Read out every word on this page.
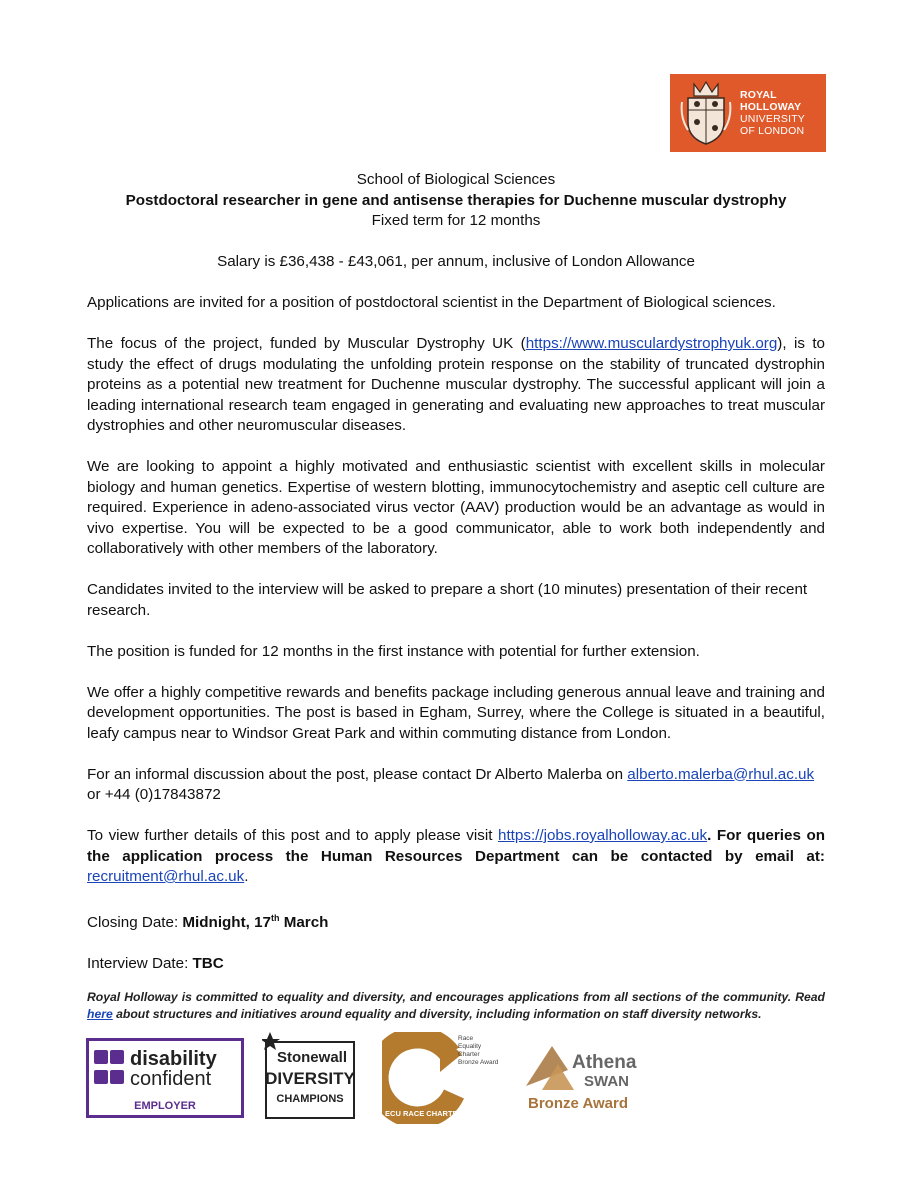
ROYAL
HOLLOWAY
UNIVERSITY
OF LONDON

School of Biological Sciences

Postdoctoral researcher in gene and antisense therapies for Duchenne muscular dystrophy

Fixed term for 12 months

Salary is £36,438 - £43,061, per annum, inclusive of London Allowance

Applications are invited for a position of postdoctoral scientist in the Department of Biological sciences.

The focus of the project, funded by Muscular Dystrophy UK (https://www.musculardystrophyuk.org), is to study the effect of drugs modulating the unfolding protein response on the stability of truncated dystrophin proteins as a potential new treatment for Duchenne muscular dystrophy. The successful applicant will join a leading international research team engaged in generating and evaluating new approaches to treat muscular dystrophies and other neuromuscular diseases.

We are looking to appoint a highly motivated and enthusiastic scientist with excellent skills in molecular biology and human genetics. Expertise of western blotting, immunocytochemistry and aseptic cell culture are required. Experience in adeno-associated virus vector (AAV) production would be an advantage as would in vivo expertise. You will be expected to be a good communicator, able to work both independently and collaboratively with other members of the laboratory.

Candidates invited to the interview will be asked to prepare a short (10 minutes) presentation of their recent research.

The position is funded for 12 months in the first instance with potential for further extension.

We offer a highly competitive rewards and benefits package including generous annual leave and training and development opportunities. The post is based in Egham, Surrey, where the College is situated in a beautiful, leafy campus near to Windsor Great Park and within commuting distance from London.

For an informal discussion about the post, please contact Dr Alberto Malerba on alberto.malerba@rhul.ac.uk
or +44 (0)17843872

To view further details of this post and to apply please visit https://jobs.royalholloway.ac.uk. For queries on the application process the Human Resources Department can be contacted by email at: recruitment@rhul.ac.uk.

Closing Date: Midnight, 17th March

Interview Date: TBC

Royal Holloway is committed to equality and diversity, and encourages applications from all sections of the community. Read here about structures and initiatives around equality and diversity, including information on staff diversity networks.

disability
confident
EMPLOYER
Stonewall
DIVERSITY
CHAMPIONS
ECU RACE CHARTER
Race
Equality
Charter
Bronze Award	Athena
SWAN
Bronze Award
